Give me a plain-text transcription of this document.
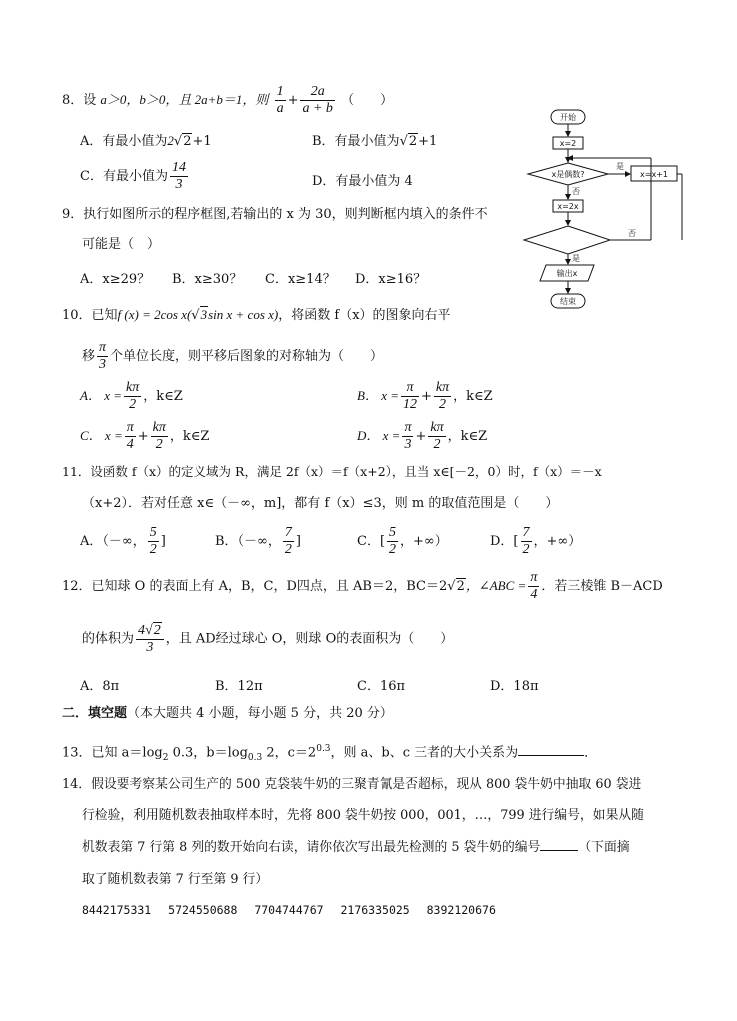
8．设 a＞0，b＞0，且 2a+b＝1，则 $\frac{1}{a} + \frac{2a}{a + b}$ （　　）
A．有最小值为2√2+1	B．有最小值为√2+1
C．有最小值为 $\frac{14}{3}$	D．有最小值为 4
9．执行如图所示的程序框图,若输出的 x 为 30，则判断框内填入的条件不
可能是（　）
A．x≥29？ B．x≥30？ C．x≥14？ D．x≥16？
开始
x=2
x是偶数?
是
x=x+1
否
x=2x
否
是
输出x
结束
10．已知f (x) = 2cos x(√3sin x + cos x)，将函数 f（x）的图象向右平
移 $\frac{\pi}{3}$ 个单位长度，则平移后图象的对称轴为（　　）
A． $x = \frac{k\pi}{2}$ ，k∈Z	B． $x = \frac{\pi}{12} + \frac{k\pi}{2}$ ，k∈Z
C． $x = \frac{\pi}{4} + \frac{k\pi}{2}$ ，k∈Z	D． $x = \frac{\pi}{3} + \frac{k\pi}{2}$ ，k∈Z
11．设函数 f（x）的定义域为 R，满足 2f（x）＝f（x+2），且当 x∈[－2，0）时，f（x）＝－x
（x+2）．若对任意 x∈（－∞，m]，都有 f（x）≤3，则 m 的取值范围是（　　）
A．（－∞， $\frac{5}{2}$ ]	B．（－∞， $\frac{7}{2}$ ]	C．[ $\frac{5}{2}$ ，+∞）	D．[ $\frac{7}{2}$ ，+∞）
12．已知球 O 的表面上有 A，B，C，D四点，且 AB＝2，BC＝2√2，∠ABC = $\frac{\pi}{4}$ ．若三棱锥 B－ACD
的体积为 $\frac{4√2}{3}$ ，且 AD经过球心 O，则球 O的表面积为（　　）
A．8π	B．12π	C．16π	D．18π
二．填空题（本大题共 4 小题，每小题 5 分，共 20 分）
13．已知 $a=\log_2$ 0.3，$b=\log_{0.3}$ 2，$c=2^{0.3}$，则 a、b、c 三者的大小关系为	．
14．假设要考察某公司生产的 500 克袋装牛奶的三聚青氰是否超标，现从 800 袋牛奶中抽取 60 袋进
行检验，利用随机数表抽取样本时，先将 800 袋牛奶按 000，001，…，799 进行编号，如果从随
机数表第 7 行第 8 列的数开始向右读，请你依次写出最先检测的 5 袋牛奶的编号	（下面摘
取了随机数表第 7 行至第 9 行）
8442175331 5724550688 7704744767 2176335025 8392120676
